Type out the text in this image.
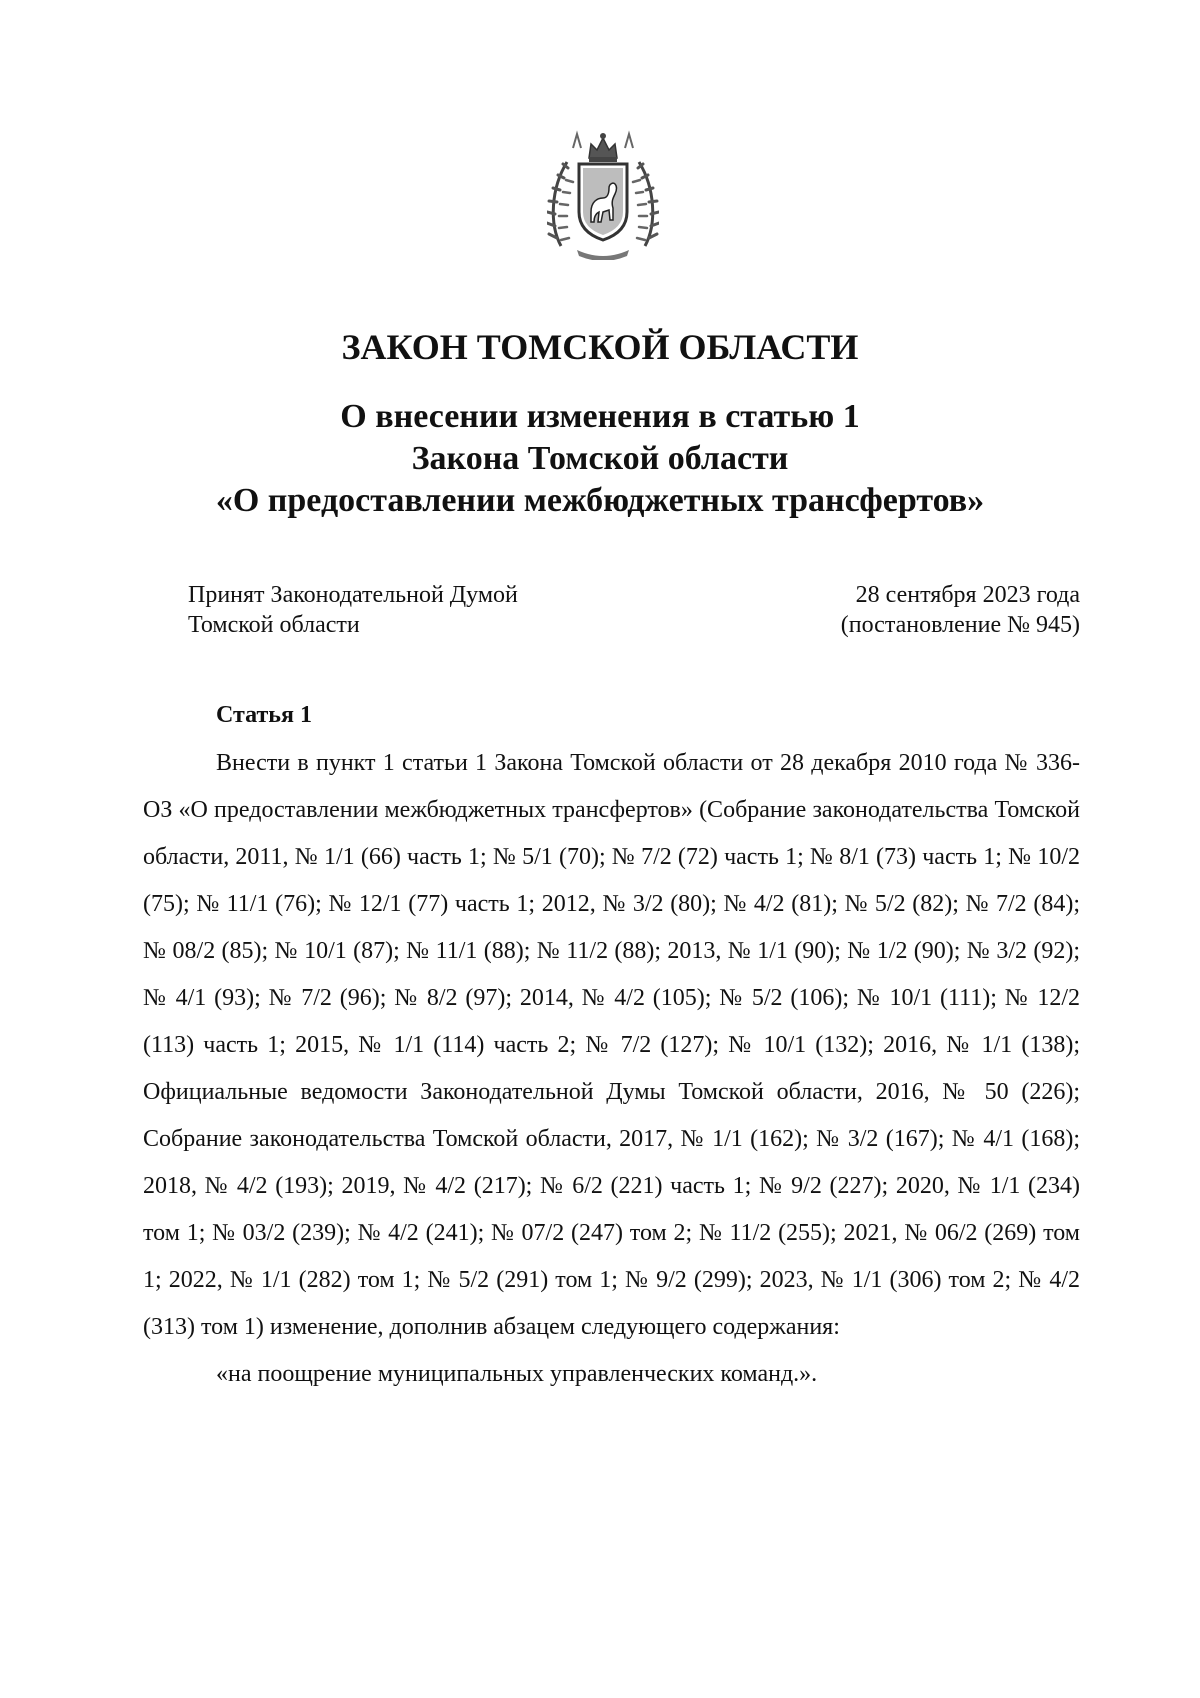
ЗАКОН ТОМСКОЙ ОБЛАСТИ
О внесении изменения в статью 1
Закона Томской области
«О предоставлении межбюджетных трансфертов»
Принят Законодательной Думой
Томской области
28 сентября 2023 года
(постановление № 945)
Статья 1

Внести в пункт 1 статьи 1 Закона Томской области от 28 декабря 2010 года № 336-ОЗ «О предоставлении межбюджетных трансфертов» (Собрание законодательства Томской области, 2011, № 1/1 (66) часть 1; № 5/1 (70); № 7/2 (72) часть 1; № 8/1 (73) часть 1; № 10/2 (75); № 11/1 (76); № 12/1 (77) часть 1; 2012, № 3/2 (80); № 4/2 (81); № 5/2 (82); № 7/2 (84); № 08/2 (85); № 10/1 (87); № 11/1 (88); № 11/2 (88); 2013, № 1/1 (90); № 1/2 (90); № 3/2 (92); № 4/1 (93); № 7/2 (96); № 8/2 (97); 2014, № 4/2 (105); № 5/2 (106); № 10/1 (111); № 12/2 (113) часть 1; 2015, № 1/1 (114) часть 2; № 7/2 (127); № 10/1 (132); 2016, № 1/1 (138); Официальные ведомости Законодательной Думы Томской области, 2016, № 50 (226); Собрание законодательства Томской области, 2017, № 1/1 (162); № 3/2 (167); № 4/1 (168); 2018, № 4/2 (193); 2019, № 4/2 (217); № 6/2 (221) часть 1; № 9/2 (227); 2020, № 1/1 (234) том 1; № 03/2 (239); № 4/2 (241); № 07/2 (247) том 2; № 11/2 (255); 2021, № 06/2 (269) том 1; 2022, № 1/1 (282) том 1; № 5/2 (291) том 1; № 9/2 (299); 2023, № 1/1 (306) том 2; № 4/2 (313) том 1) изменение, дополнив абзацем следующего содержания:

«на поощрение муниципальных управленческих команд.».
